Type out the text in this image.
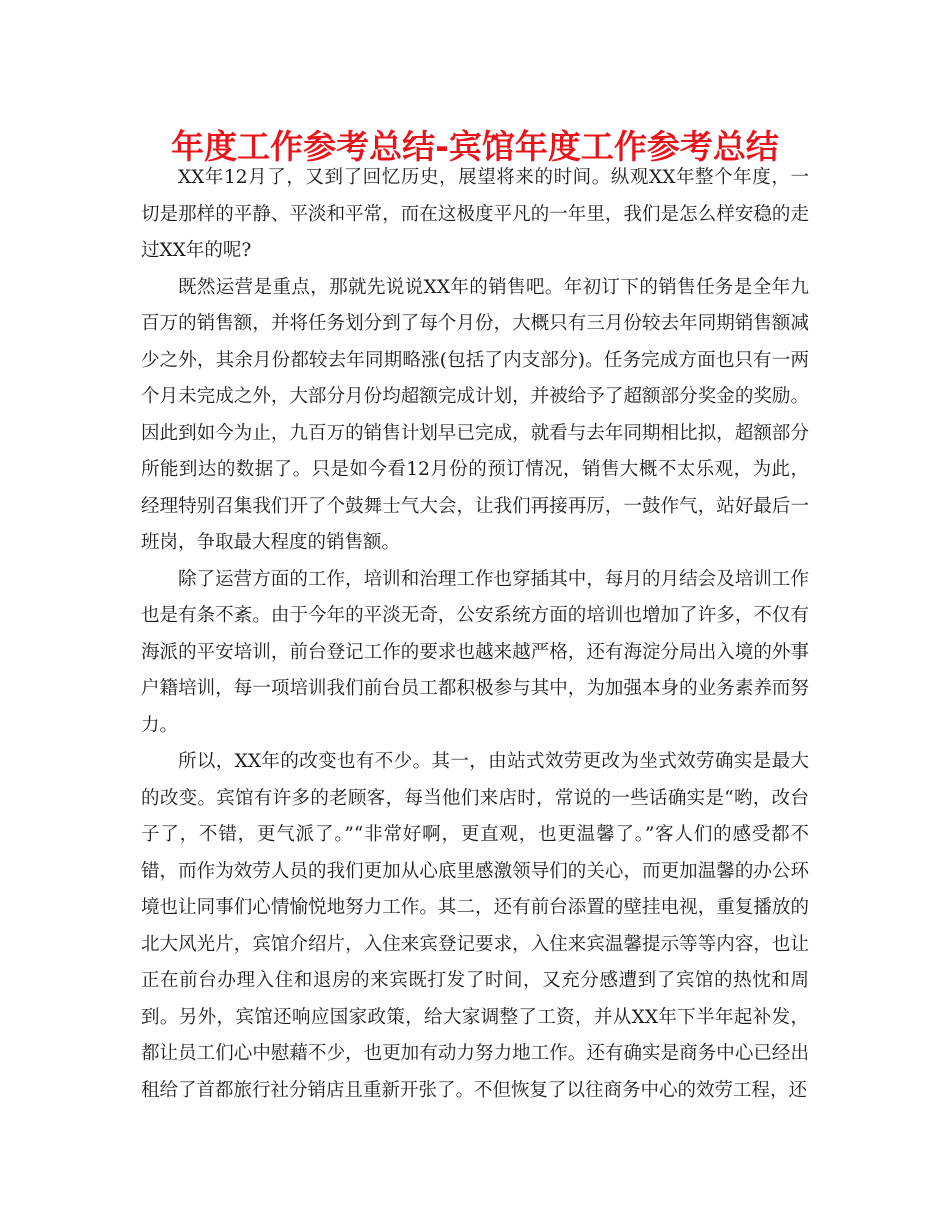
年度工作参考总结-宾馆年度工作参考总结

XX年12月了，又到了回忆历史，展望将来的时间。纵观XX年整个年度，一切是那样的平静、平淡和平常，而在这极度平凡的一年里，我们是怎么样安稳的走过XX年的呢?

既然运营是重点，那就先说说XX年的销售吧。年初订下的销售任务是全年九百万的销售额，并将任务划分到了每个月份，大概只有三月份较去年同期销售额减少之外，其余月份都较去年同期略涨(包括了内支部分)。任务完成方面也只有一两个月未完成之外，大部分月份均超额完成计划，并被给予了超额部分奖金的奖励。因此到如今为止，九百万的销售计划早已完成，就看与去年同期相比拟，超额部分所能到达的数据了。只是如今看12月份的预订情况，销售大概不太乐观，为此，经理特别召集我们开了个鼓舞士气大会，让我们再接再厉，一鼓作气，站好最后一班岗，争取最大程度的销售额。

除了运营方面的工作，培训和治理工作也穿插其中，每月的月结会及培训工作也是有条不紊。由于今年的平淡无奇，公安系统方面的培训也增加了许多，不仅有海派的平安培训，前台登记工作的要求也越来越严格，还有海淀分局出入境的外事户籍培训，每一项培训我们前台员工都积极参与其中，为加强本身的业务素养而努力。

所以，XX年的改变也有不少。其一，由站式效劳更改为坐式效劳确实是最大的改变。宾馆有许多的老顾客，每当他们来店时，常说的一些话确实是“哟，改台子了，不错，更气派了。”“非常好啊，更直观，也更温馨了。”客人们的感受都不错，而作为效劳人员的我们更加从心底里感激领导们的关心，而更加温馨的办公环境也让同事们心情愉悦地努力工作。其二，还有前台添置的壁挂电视，重复播放的北大风光片，宾馆介绍片，入住来宾登记要求，入住来宾温馨提示等等内容，也让正在前台办理入住和退房的来宾既打发了时间，又充分感遭到了宾馆的热忱和周到。另外，宾馆还响应国家政策，给大家调整了工资，并从XX年下半年起补发，都让员工们心中慰藉不少，也更加有动力努力地工作。还有确实是商务中心已经出租给了首都旅行社分销店且重新开张了。不但恢复了以往商务中心的效劳工程，还
